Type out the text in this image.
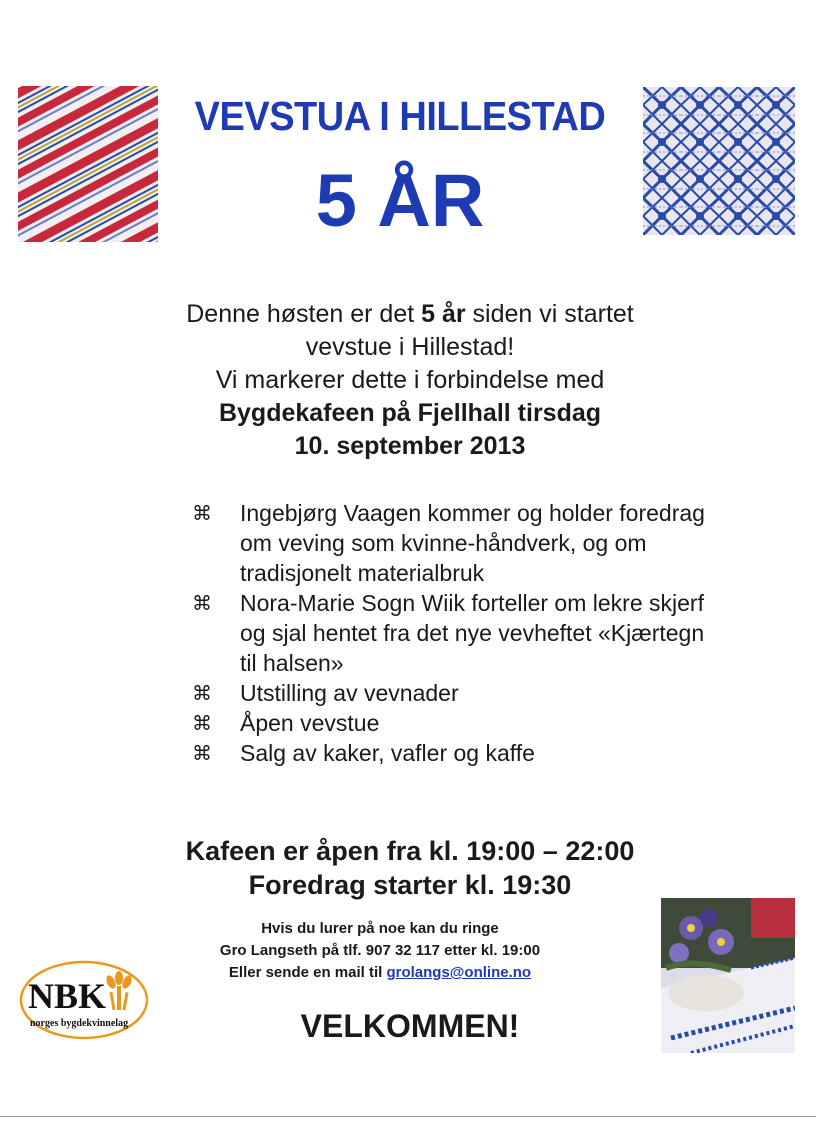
VEVSTUA I HILLESTAD
5 ÅR
Denne høsten er det 5 år siden vi startet
vevstue i Hillestad!
Vi markerer dette i forbindelse med
Bygdekafeen på Fjellhall tirsdag
10. september 2013
⌘	Ingebjørg Vaagen kommer og holder foredrag om veving som kvinne-håndverk, og om tradisjonelt materialbruk
⌘	Nora-Marie Sogn Wiik forteller om lekre skjerf og sjal hentet fra det nye vevheftet «Kjærtegn til halsen»
⌘	Utstilling av vevnader
⌘	Åpen vevstue
⌘	Salg av kaker, vafler og kaffe
Kafeen er åpen fra kl. 19:00 – 22:00
Foredrag starter kl. 19:30
Hvis du lurer på noe kan du ringe
Gro Langseth på tlf. 907 32 117 etter kl. 19:00
Eller sende en mail til grolangs@online.no
VELKOMMEN!
NBK
norges bygdekvinnelag
